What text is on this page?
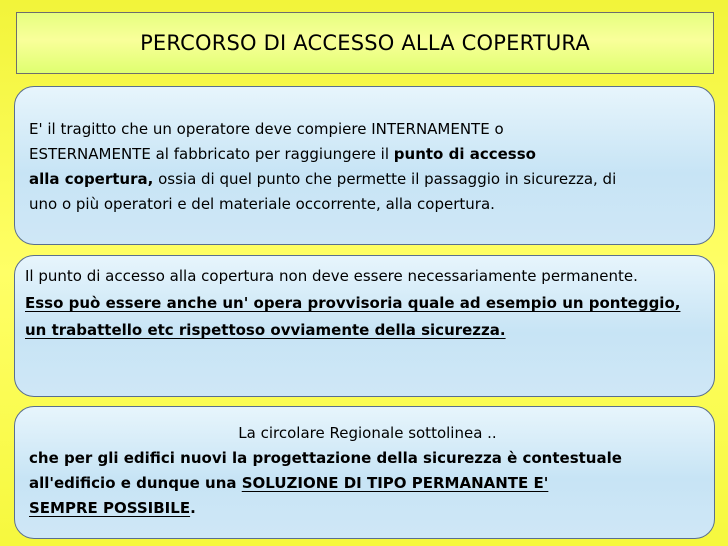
PERCORSO DI ACCESSO ALLA COPERTURA

E' il tragitto che un operatore deve compiere INTERNAMENTE o

ESTERNAMENTE al fabbricato per raggiungere il punto di accesso

alla copertura, ossia di quel punto che permette il passaggio in sicurezza, di

uno o più operatori e del materiale occorrente, alla copertura.

Il punto di accesso alla copertura non deve essere necessariamente permanente.

Esso può essere anche un' opera provvisoria quale ad esempio un ponteggio,

un trabattello etc rispettoso ovviamente della sicurezza.

La circolare Regionale sottolinea ..

che per gli edifici nuovi la progettazione della sicurezza è contestuale

all'edificio e dunque una SOLUZIONE DI TIPO PERMANANTE E'

SEMPRE POSSIBILE.
